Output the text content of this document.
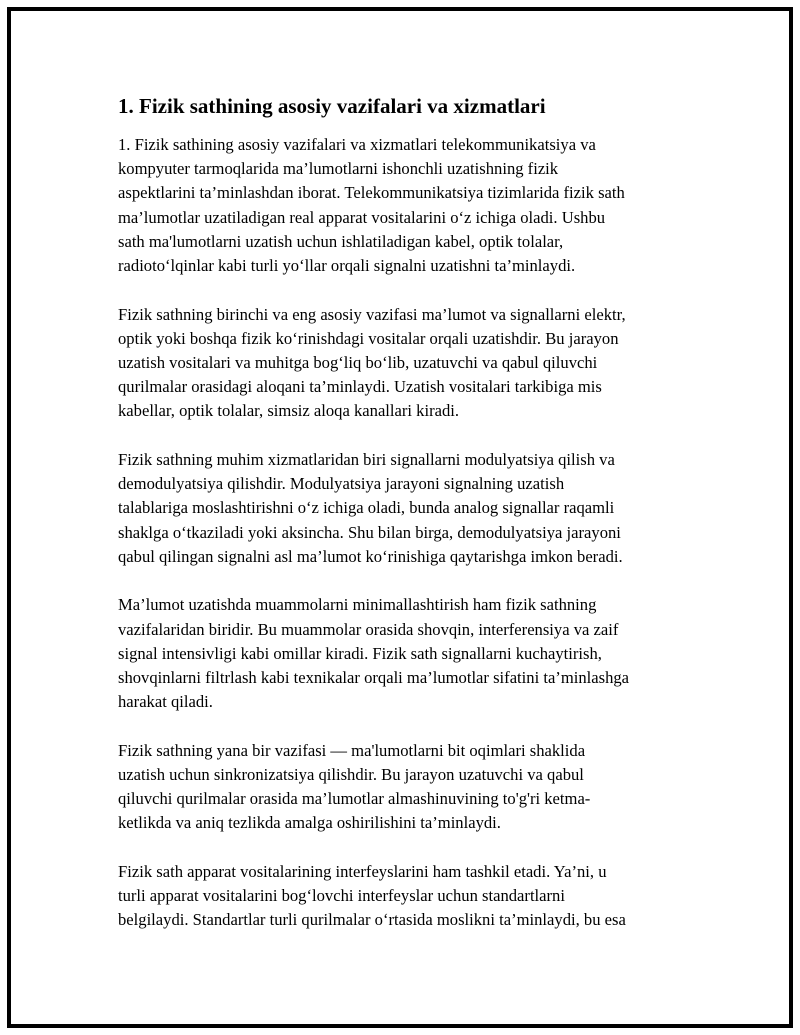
1. Fizik sathining asosiy vazifalari va xizmatlari
1. Fizik sathining asosiy vazifalari va xizmatlari telekommunikatsiya va
kompyuter tarmoqlarida ma’lumotlarni ishonchli uzatishning fizik
aspektlarini ta’minlashdan iborat. Telekommunikatsiya tizimlarida fizik sath
ma’lumotlar uzatiladigan real apparat vositalarini o‘z ichiga oladi. Ushbu
sath ma'lumotlarni uzatish uchun ishlatiladigan kabel, optik tolalar,
radioto‘lqinlar kabi turli yo‘llar orqali signalni uzatishni ta’minlaydi.
Fizik sathning birinchi va eng asosiy vazifasi ma’lumot va signallarni elektr,
optik yoki boshqa fizik ko‘rinishdagi vositalar orqali uzatishdir. Bu jarayon
uzatish vositalari va muhitga bog‘liq bo‘lib, uzatuvchi va qabul qiluvchi
qurilmalar orasidagi aloqani ta’minlaydi. Uzatish vositalari tarkibiga mis
kabellar, optik tolalar, simsiz aloqa kanallari kiradi.
Fizik sathning muhim xizmatlaridan biri signallarni modulyatsiya qilish va
demodulyatsiya qilishdir. Modulyatsiya jarayoni signalning uzatish
talablariga moslashtirishni o‘z ichiga oladi, bunda analog signallar raqamli
shaklga o‘tkaziladi yoki aksincha. Shu bilan birga, demodulyatsiya jarayoni
qabul qilingan signalni asl ma’lumot ko‘rinishiga qaytarishga imkon beradi.
Ma’lumot uzatishda muammolarni minimallashtirish ham fizik sathning
vazifalaridan biridir. Bu muammolar orasida shovqin, interferensiya va zaif
signal intensivligi kabi omillar kiradi. Fizik sath signallarni kuchaytirish,
shovqinlarni filtrlash kabi texnikalar orqali ma’lumotlar sifatini ta’minlashga
harakat qiladi.
Fizik sathning yana bir vazifasi — ma'lumotlarni bit oqimlari shaklida
uzatish uchun sinkronizatsiya qilishdir. Bu jarayon uzatuvchi va qabul
qiluvchi qurilmalar orasida ma’lumotlar almashinuvining to'g'ri ketma-
ketlikda va aniq tezlikda amalga oshirilishini ta’minlaydi.
Fizik sath apparat vositalarining interfeyslarini ham tashkil etadi. Ya’ni, u
turli apparat vositalarini bog‘lovchi interfeyslar uchun standartlarni
belgilaydi. Standartlar turli qurilmalar o‘rtasida moslikni ta’minlaydi, bu esa
